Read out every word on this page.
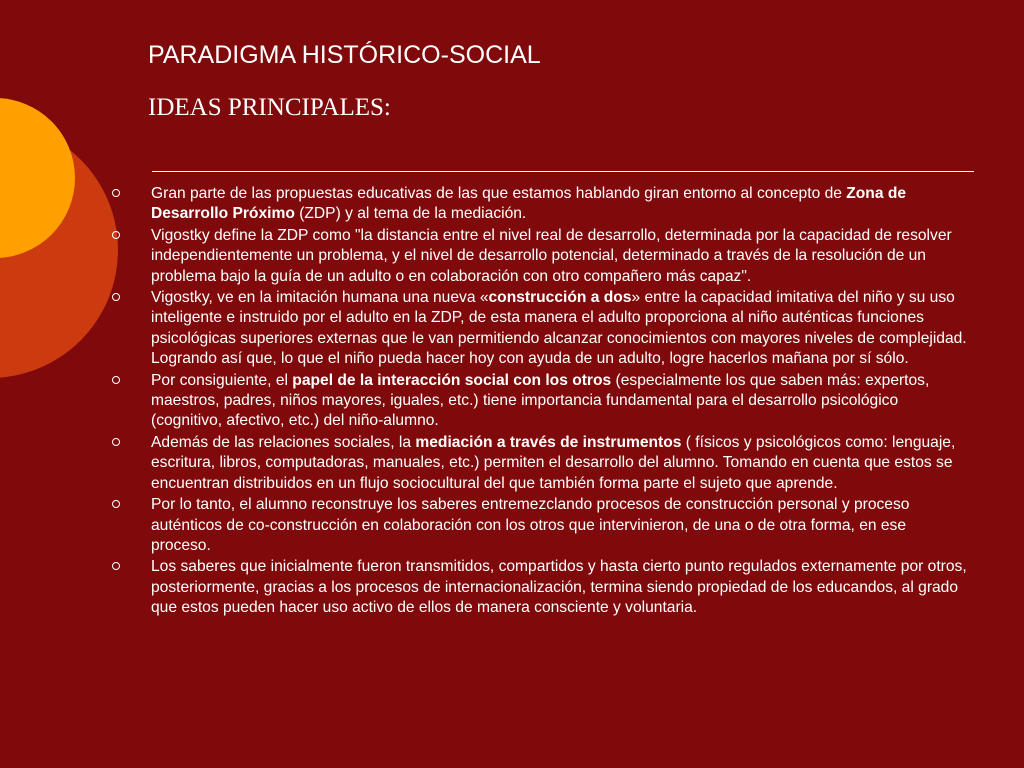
PARADIGMA HISTÓRICO-SOCIAL
IDEAS PRINCIPALES:
Gran parte de las propuestas educativas de las que estamos hablando giran entorno al concepto de Zona de Desarrollo Próximo (ZDP) y al tema de la mediación.
Vigostky define la ZDP como "la distancia entre el nivel real de desarrollo, determinada por la capacidad de resolver independientemente un problema, y el nivel de desarrollo potencial, determinado a través de la resolución de un problema bajo la guía de un adulto o en colaboración con otro compañero más capaz".
Vigostky, ve en la imitación humana una nueva «construcción a dos» entre la capacidad imitativa del niño y su uso inteligente e instruido por el adulto en la ZDP, de esta manera el adulto proporciona al niño auténticas funciones psicológicas superiores externas que le van permitiendo alcanzar conocimientos con mayores niveles de complejidad. Logrando así que, lo que el niño pueda hacer hoy con ayuda de un adulto, logre hacerlos mañana por sí sólo.
Por consiguiente, el papel de la interacción social con los otros (especialmente los que saben más: expertos, maestros, padres, niños mayores, iguales, etc.) tiene importancia fundamental para el desarrollo psicológico (cognitivo, afectivo, etc.) del niño-alumno.
Además de las relaciones sociales, la mediación a través de instrumentos ( físicos y psicológicos como: lenguaje, escritura, libros, computadoras, manuales, etc.) permiten el desarrollo del alumno. Tomando en cuenta que estos se encuentran distribuidos en un flujo sociocultural del que también forma parte el sujeto que aprende.
Por lo tanto, el alumno reconstruye los saberes entremezclando procesos de construcción personal y proceso auténticos de co-construcción en colaboración con los otros que intervinieron, de una o de otra forma, en ese proceso.
Los saberes que inicialmente fueron transmitidos, compartidos y hasta cierto punto regulados externamente por otros, posteriormente, gracias a los procesos de internacionalización, termina siendo propiedad de los educandos, al grado que estos pueden hacer uso activo de ellos de manera consciente y voluntaria.
